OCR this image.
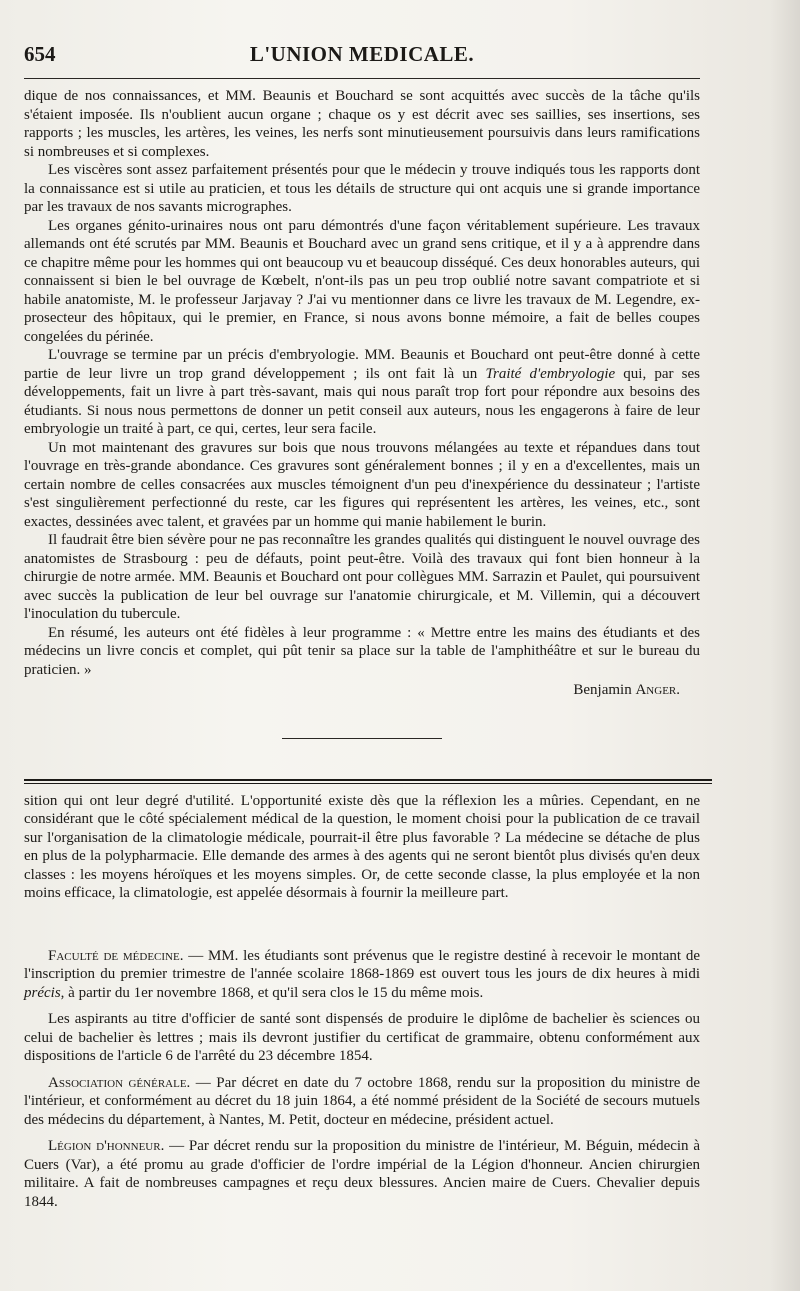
L'UNION MEDICALE.
654

dique de nos connaissances, et MM. Beaunis et Bouchard se sont acquittés avec succès de la tâche qu'ils s'étaient imposée. Ils n'oublient aucun organe ; chaque os y est décrit avec ses saillies, ses insertions, ses rapports ; les muscles, les artères, les veines, les nerfs sont minutieusement poursuivis dans leurs ramifications si nombreuses et si complexes.

Les viscères sont assez parfaitement présentés pour que le médecin y trouve indiqués tous les rapports dont la connaissance est si utile au praticien, et tous les détails de structure qui ont acquis une si grande importance par les travaux de nos savants micrographes.

Les organes génito-urinaires nous ont paru démontrés d'une façon véritablement supérieure. Les travaux allemands ont été scrutés par MM. Beaunis et Bouchard avec un grand sens critique, et il y a à apprendre dans ce chapitre même pour les hommes qui ont beaucoup vu et beaucoup disséqué. Ces deux honorables auteurs, qui connaissent si bien le bel ouvrage de Kœbelt, n'ont-ils pas un peu trop oublié notre savant compatriote et si habile anatomiste, M. le professeur Jarjavay ? J'ai vu mentionner dans ce livre les travaux de M. Legendre, ex-prosecteur des hôpitaux, qui le premier, en France, si nous avons bonne mémoire, a fait de belles coupes congelées du périnée.

L'ouvrage se termine par un précis d'embryologie. MM. Beaunis et Bouchard ont peut-être donné à cette partie de leur livre un trop grand développement ; ils ont fait là un Traité d'embryologie qui, par ses développements, fait un livre à part très-savant, mais qui nous paraît trop fort pour répondre aux besoins des étudiants. Si nous nous permettons de donner un petit conseil aux auteurs, nous les engagerons à faire de leur embryologie un traité à part, ce qui, certes, leur sera facile.

Un mot maintenant des gravures sur bois que nous trouvons mélangées au texte et répandues dans tout l'ouvrage en très-grande abondance. Ces gravures sont généralement bonnes ; il y en a d'excellentes, mais un certain nombre de celles consacrées aux muscles témoignent d'un peu d'inexpérience du dessinateur ; l'artiste s'est singulièrement perfectionné du reste, car les figures qui représentent les artères, les veines, etc., sont exactes, dessinées avec talent, et gravées par un homme qui manie habilement le burin.

Il faudrait être bien sévère pour ne pas reconnaître les grandes qualités qui distinguent le nouvel ouvrage des anatomistes de Strasbourg : peu de défauts, point peut-être. Voilà des travaux qui font bien honneur à la chirurgie de notre armée. MM. Beaunis et Bouchard ont pour collègues MM. Sarrazin et Paulet, qui poursuivent avec succès la publication de leur bel ouvrage sur l'anatomie chirurgicale, et M. Villemin, qui a découvert l'inoculation du tubercule.

En résumé, les auteurs ont été fidèles à leur programme : « Mettre entre les mains des étudiants et des médecins un livre concis et complet, qui pût tenir sa place sur la table de l'amphithéâtre et sur le bureau du praticien. »

Benjamin Anger.

sition qui ont leur degré d'utilité. L'opportunité existe dès que la réflexion les a mûries. Cependant, en ne considérant que le côté spécialement médical de la question, le moment choisi pour la publication de ce travail sur l'organisation de la climatologie médicale, pourrait-il être plus favorable ? La médecine se détache de plus en plus de la polypharmacie. Elle demande des armes à des agents qui ne seront bientôt plus divisés qu'en deux classes : les moyens héroïques et les moyens simples. Or, de cette seconde classe, la plus employée et la non moins efficace, la climatologie, est appelée désormais à fournir la meilleure part.

Faculté de médecine. — MM. les étudiants sont prévenus que le registre destiné à recevoir le montant de l'inscription du premier trimestre de l'année scolaire 1868-1869 est ouvert tous les jours de dix heures à midi précis, à partir du 1er novembre 1868, et qu'il sera clos le 15 du même mois.

Les aspirants au titre d'officier de santé sont dispensés de produire le diplôme de bachelier ès sciences ou celui de bachelier ès lettres ; mais ils devront justifier du certificat de grammaire, obtenu conformément aux dispositions de l'article 6 de l'arrêté du 23 décembre 1854.

Association générale. — Par décret en date du 7 octobre 1868, rendu sur la proposition du ministre de l'intérieur, et conformément au décret du 18 juin 1864, a été nommé président de la Société de secours mutuels des médecins du département, à Nantes, M. Petit, docteur en médecine, président actuel.

Légion d'honneur. — Par décret rendu sur la proposition du ministre de l'intérieur, M. Béguin, médecin à Cuers (Var), a été promu au grade d'officier de l'ordre impérial de la Légion d'honneur. Ancien chirurgien militaire. A fait de nombreuses campagnes et reçu deux blessures. Ancien maire de Cuers. Chevalier depuis 1844.
